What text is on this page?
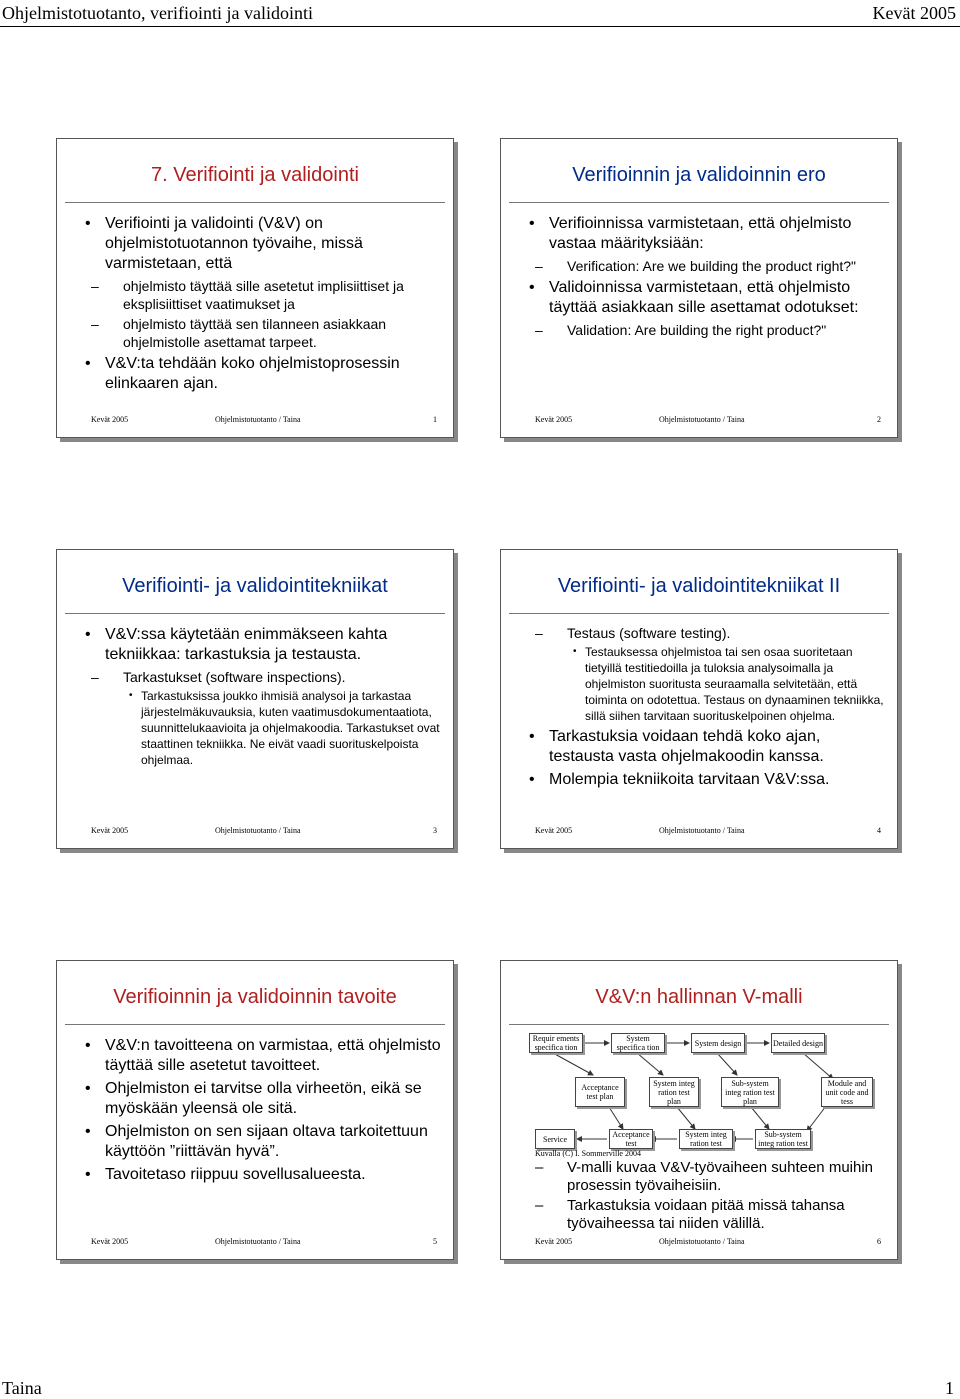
Ohjelmistotuotanto, verifiointi ja validointi	Kevät 2005
7. Verifiointi ja validointi
• Verifiointi ja validointi (V&V) on ohjelmistotuotannon työvaihe, missä varmistetaan, että
– ohjelmisto täyttää sille asetetut implisiittiset ja eksplisiittiset vaatimukset ja
– ohjelmisto täyttää sen tilanneen asiakkaan ohjelmistolle asettamat tarpeet.
• V&V:ta tehdään koko ohjelmistoprosessin elinkaaren ajan.
Kevät 2005	Ohjelmistotuotanto / Taina	1
Verifioinnin ja validoinnin ero
• Verifioinnissa varmistetaan, että ohjelmisto vastaa määrityksiään:
– Verification: Are we building the product right?"
• Validoinnissa varmistetaan, että ohjelmisto täyttää asiakkaan sille asettamat odotukset:
– Validation: Are building the right product?"
Kevät 2005	Ohjelmistotuotanto / Taina	2
Verifiointi- ja validointitekniikat
• V&V:ssa käytetään enimmäkseen kahta tekniikkaa: tarkastuksia ja testausta.
– Tarkastukset (software inspections).
• Tarkastuksissa joukko ihmisiä analysoi ja tarkastaa järjestelmäkuvauksia, kuten vaatimusdokumentaatiota, suunnittelukaavioita ja ohjelmakoodia. Tarkastukset ovat staattinen tekniikka. Ne eivät vaadi suorituskelpoista ohjelmaa.
Kevät 2005	Ohjelmistotuotanto / Taina	3
Verifiointi- ja validointitekniikat II
– Testaus (software testing).
• Testauksessa ohjelmistoa tai sen osaa suoritetaan tietyillä testitiedoilla ja tuloksia analysoimalla ja ohjelmiston suoritusta seuraamalla selvitetään, että toiminta on odotettua. Testaus on dynaaminen tekniikka, sillä siihen tarvitaan suorituskelpoinen ohjelma.
• Tarkastuksia voidaan tehdä koko ajan, testausta vasta ohjelmakoodin kanssa.
• Molempia tekniikoita tarvitaan V&V:ssa.
Kevät 2005	Ohjelmistotuotanto / Taina	4
Verifioinnin ja validoinnin tavoite
• V&V:n tavoitteena on varmistaa, että ohjelmisto täyttää sille asetetut tavoitteet.
• Ohjelmiston ei tarvitse olla virheetön, eikä se myöskään yleensä ole sitä.
• Ohjelmiston on sen sijaan oltava tarkoitettuun käyttöön ”riittävän hyvä”.
• Tavoitetaso riippuu sovellusalueesta.
Kevät 2005	Ohjelmistotuotanto / Taina	5
V&V:n hallinnan V-malli
Requir ements specifica tion
System specifica tion	System design	Detailed design
Acceptance test plan
System integ ration test plan
Sub-system integ ration test plan
Module and unit code and tess
Service	Acceptance test
System integ ration test
Sub-system integ ration test
Kuvalla (C) I. Sommerville 2004
– V-malli kuvaa V&V-työvaiheen suhteen muihin prosessin työvaiheisiin.
– Tarkastuksia voidaan pitää missä tahansa työvaiheessa tai niiden välillä.
Kevät 2005	Ohjelmistotuotanto / Taina	6
Taina	1
